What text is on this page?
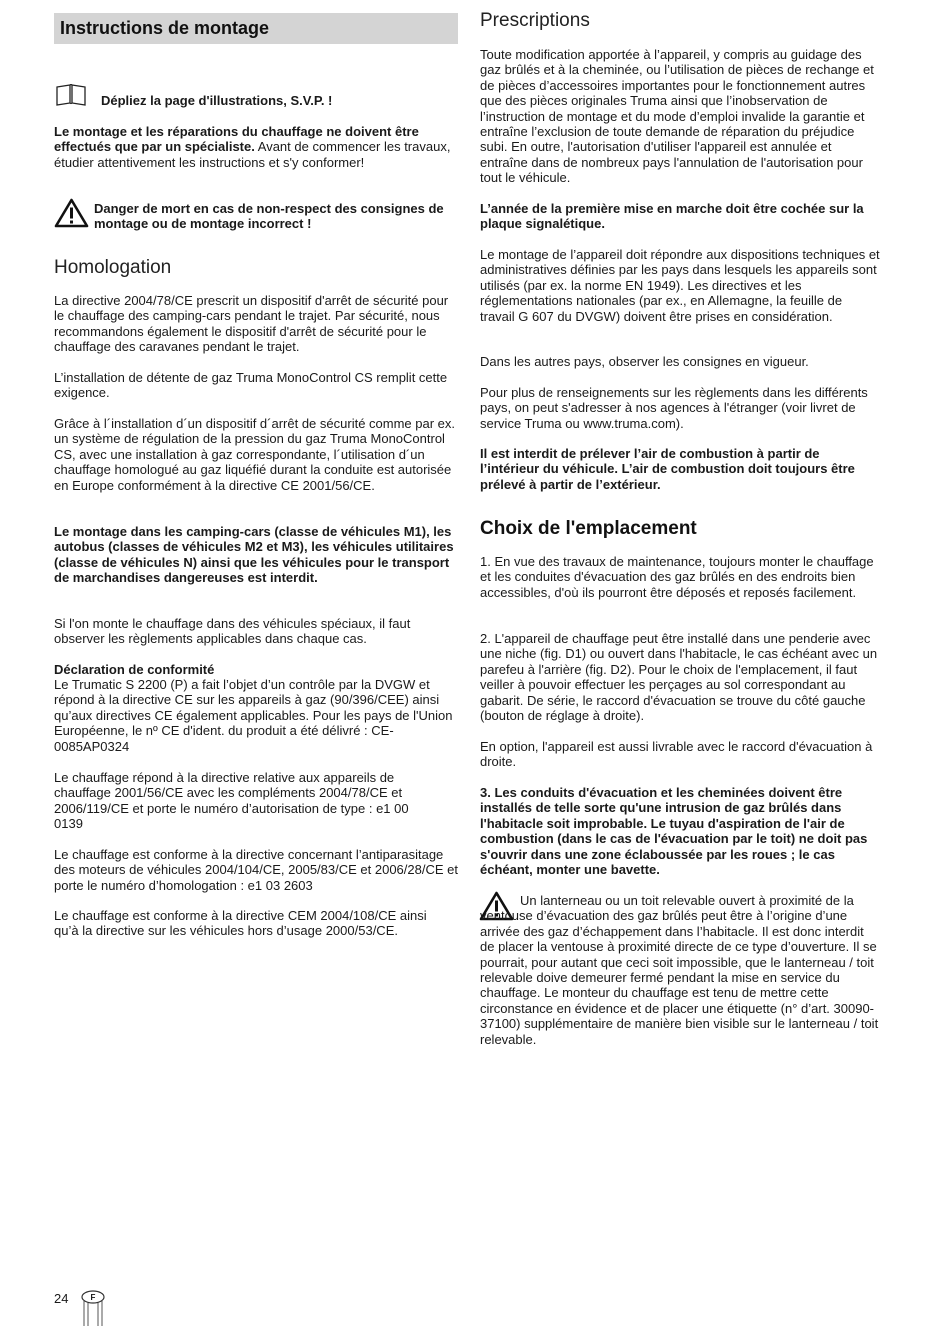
Instructions de montage

Dépliez la page d'illustrations, S.V.P. !

Le montage et les réparations du chauffage ne doivent être effectués que par un spécialiste. Avant de commencer les travaux, étudier attentivement les instructions et s'y conformer!

Danger de mort en cas de non-respect des consignes de montage ou de montage incorrect !

Homologation

La directive 2004/78/CE prescrit un dispositif d'arrêt de sécurité pour le chauffage des camping-cars pendant le trajet. Par sécurité, nous recommandons également le dispositif d'arrêt de sécurité pour le chauffage des caravanes pendant le trajet.

L’installation de détente de gaz Truma MonoControl CS remplit cette exigence.

Grâce à l´installation d´un dispositif d´arrêt de sécurité comme par ex. un système de régulation de la pression du gaz Truma MonoControl CS, avec une installation à gaz correspondante, l´utilisation d´un chauffage homologué au gaz liquéfié durant la conduite est autorisée en Europe conformément à la directive CE 2001/56/CE.

Le montage dans les camping-cars (classe de véhicules M1), les autobus (classes de véhicules M2 et M3), les véhicules utilitaires (classe de véhicules N) ainsi que les véhicules pour le transport de marchandises dangereuses est interdit.

Si l'on monte le chauffage dans des véhicules spéciaux, il faut observer les règlements applicables dans chaque cas.

Déclaration de conformité

Le Trumatic S 2200 (P) a fait l’objet d’un contrôle par la DVGW et répond à la directive CE sur les appareils à gaz (90/396/CEE) ainsi qu’aux directives CE également applicables. Pour les pays de l'Union Européenne, le nº CE d'ident. du produit a été délivré : CE-0085AP0324

Le chauffage répond à la directive relative aux appareils de chauffage 2001/56/CE avec les compléments 2004/78/CE et 2006/119/CE et porte le numéro d’autorisation de type : e1 00 0139

Le chauffage est conforme à la directive concernant l’antiparasitage des moteurs de véhicules 2004/104/CE, 2005/83/CE et 2006/28/CE et porte le numéro d’homologation : e1 03 2603

Le chauffage est conforme à la directive CEM 2004/108/CE ainsi qu’à la directive sur les véhicules hors d’usage 2000/53/CE.

Prescriptions

Toute modification apportée à l’appareil, y compris au guidage des gaz brûlés et à la cheminée, ou l’utilisation de pièces de rechange et de pièces d’accessoires importantes pour le fonctionnement autres que des pièces originales Truma ainsi que l’inobservation de l’instruction de montage et du mode d’emploi invalide la garantie et entraîne l’exclusion de toute demande de réparation du préjudice subi. En outre, l'autorisation d'utiliser l'appareil est annulée et entraîne dans de nombreux pays l'annulation de l'autorisation pour tout le véhicule.

L’année de la première mise en marche doit être cochée sur la plaque signalétique.

Le montage de l’appareil doit répondre aux dispositions techniques et administratives définies par les pays dans lesquels les appareils sont utilisés (par ex. la norme EN 1949). Les directives et les réglementations nationales (par ex., en Allemagne, la feuille de travail G 607 du DVGW) doivent être prises en considération.

Dans les autres pays, observer les consignes en vigueur.

Pour plus de renseignements sur les règlements dans les différents pays, on peut s'adresser à nos agences à l'étranger (voir livret de service Truma ou www.truma.com).

Il est interdit de prélever l’air de combustion à partir de l’intérieur du véhicule. L’air de combustion doit toujours être prélevé à partir de l’extérieur.

Choix de l'emplacement

1. En vue des travaux de maintenance, toujours monter le chauffage et les conduites d'évacuation des gaz brûlés en des endroits bien accessibles, d'où ils pourront être déposés et reposés facilement.

2. L'appareil de chauffage peut être installé dans une penderie avec une niche (fig. D1) ou ouvert dans l'habitacle, le cas échéant avec un parefeu à l'arrière (fig. D2). Pour le choix de l'emplacement, il faut veiller à pouvoir effectuer les perçages au sol correspondant au gabarit. De série, le raccord d'évacuation se trouve du côté gauche (bouton de réglage à droite).

En option, l'appareil est aussi livrable avec le raccord d'évacuation à droite.

3. Les conduits d'évacuation et les cheminées doivent être installés de telle sorte qu'une intrusion de gaz brûlés dans l'habitacle soit improbable. Le tuyau d'aspiration de l'air de combustion (dans le cas de l'évacuation par le toit) ne doit pas s'ouvrir dans une zone éclaboussée par les roues ; le cas échéant, monter une bavette.

Un lanterneau ou un toit relevable ouvert à proximité de la ventouse d’évacuation des gaz brûlés peut être à l’origine d’une arrivée des gaz d’échappement dans l’habitacle. Il est donc interdit de placer la ventouse à proximité directe de ce type d’ouverture. Il se pourrait, pour autant que ceci soit impossible, que le lanterneau / toit relevable doive demeurer fermé pendant la mise en service du chauffage. Le monteur du chauffage est tenu de mettre cette circonstance en évidence et de placer une étiquette (n° d’art. 30090-37100) supplémentaire de manière bien visible sur le lanterneau / toit relevable.

24	F
